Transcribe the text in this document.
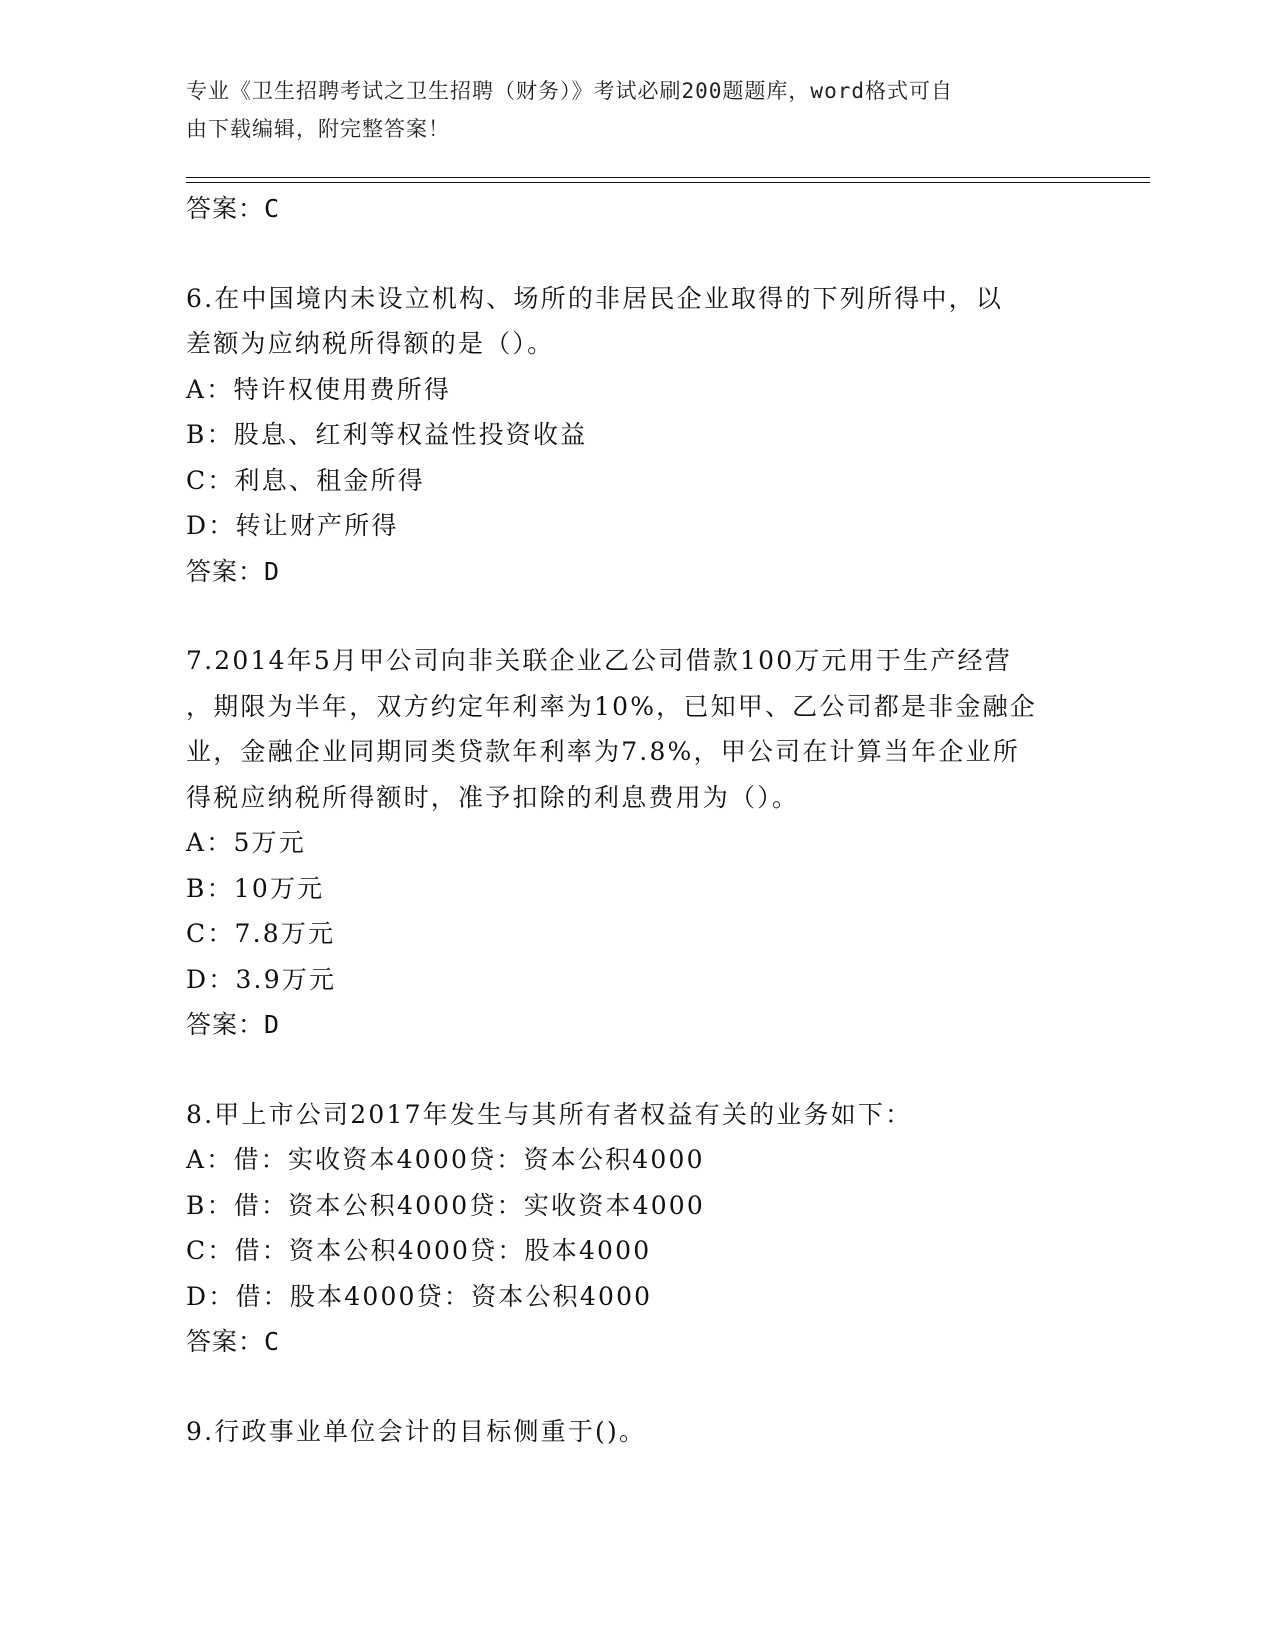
专业《卫生招聘考试之卫生招聘（财务）》考试必刷200题题库，word格式可自
由下载编辑，附完整答案！
答案：C
6.在中国境内未设立机构、场所的非居民企业取得的下列所得中，以
差额为应纳税所得额的是（）。
A：特许权使用费所得
B：股息、红利等权益性投资收益
C：利息、租金所得
D：转让财产所得
答案：D
7.2014年5月甲公司向非关联企业乙公司借款100万元用于生产经营
，期限为半年，双方约定年利率为10%，已知甲、乙公司都是非金融企
业，金融企业同期同类贷款年利率为7.8%，甲公司在计算当年企业所
得税应纳税所得额时，准予扣除的利息费用为（）。
A：5万元
B：10万元
C：7.8万元
D：3.9万元
答案：D
8.甲上市公司2017年发生与其所有者权益有关的业务如下：
A：借：实收资本4000贷：资本公积4000
B：借：资本公积4000贷：实收资本4000
C：借：资本公积4000贷：股本4000
D：借：股本4000贷：资本公积4000
答案：C
9.行政事业单位会计的目标侧重于()。
